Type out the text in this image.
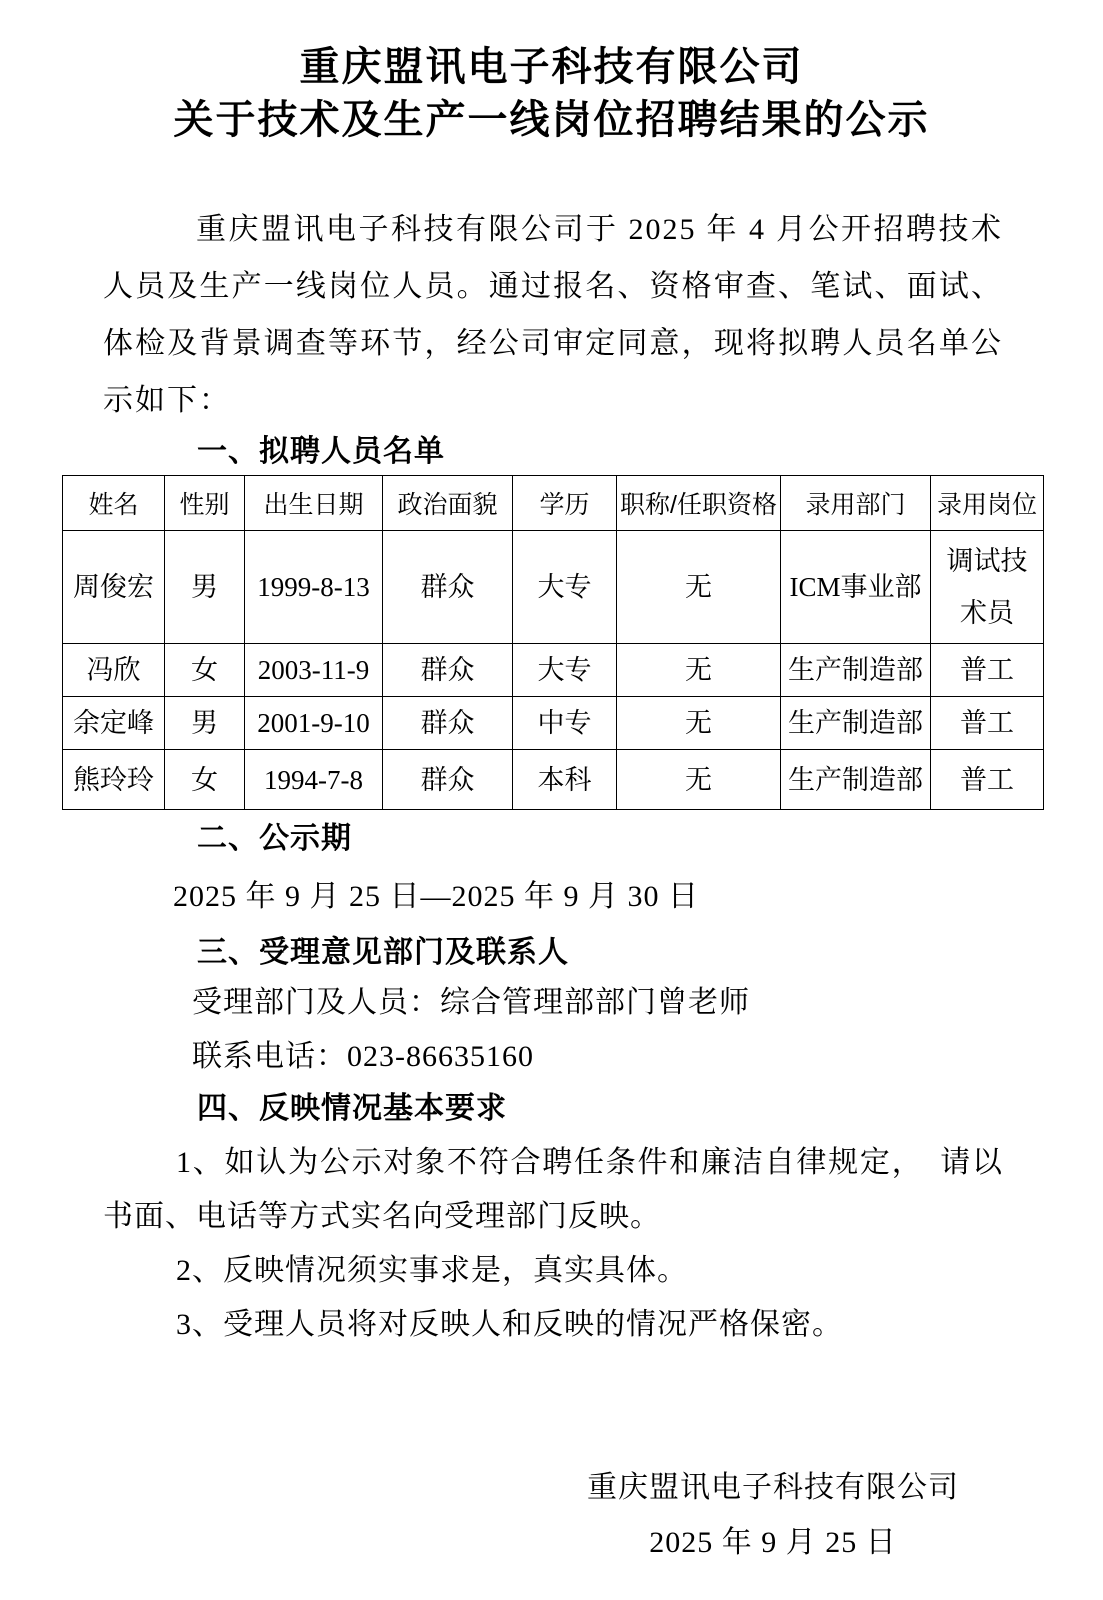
重庆盟讯电子科技有限公司
关于技术及生产一线岗位招聘结果的公示

重庆盟讯电子科技有限公司于 2025 年 4 月公开招聘技术人员及生产一线岗位人员。通过报名、资格审查、笔试、面试、体检及背景调查等环节，经公司审定同意，现将拟聘人员名单公示如下：

一、拟聘人员名单
姓名	性别	出生日期	政治面貌	学历	职称/任职资格	录用部门	录用岗位
周俊宏	男	1999-8-13	群众	大专	无	ICM事业部	调试技术员
冯欣	女	2003-11-9	群众	大专	无	生产制造部	普工
余定峰	男	2001-9-10	群众	中专	无	生产制造部	普工
熊玲玲	女	1994-7-8	群众	本科	无	生产制造部	普工
二、公示期
2025 年 9 月 25 日—2025 年 9 月 30 日
三、受理意见部门及联系人
受理部门及人员：综合管理部部门曾老师
联系电话：023-86635160
四、反映情况基本要求

1、如认为公示对象不符合聘任条件和廉洁自律规定，　请以书面、电话等方式实名向受理部门反映。

2、反映情况须实事求是，真实具体。

3、受理人员将对反映人和反映的情况严格保密。

重庆盟讯电子科技有限公司
2025 年 9 月 25 日
